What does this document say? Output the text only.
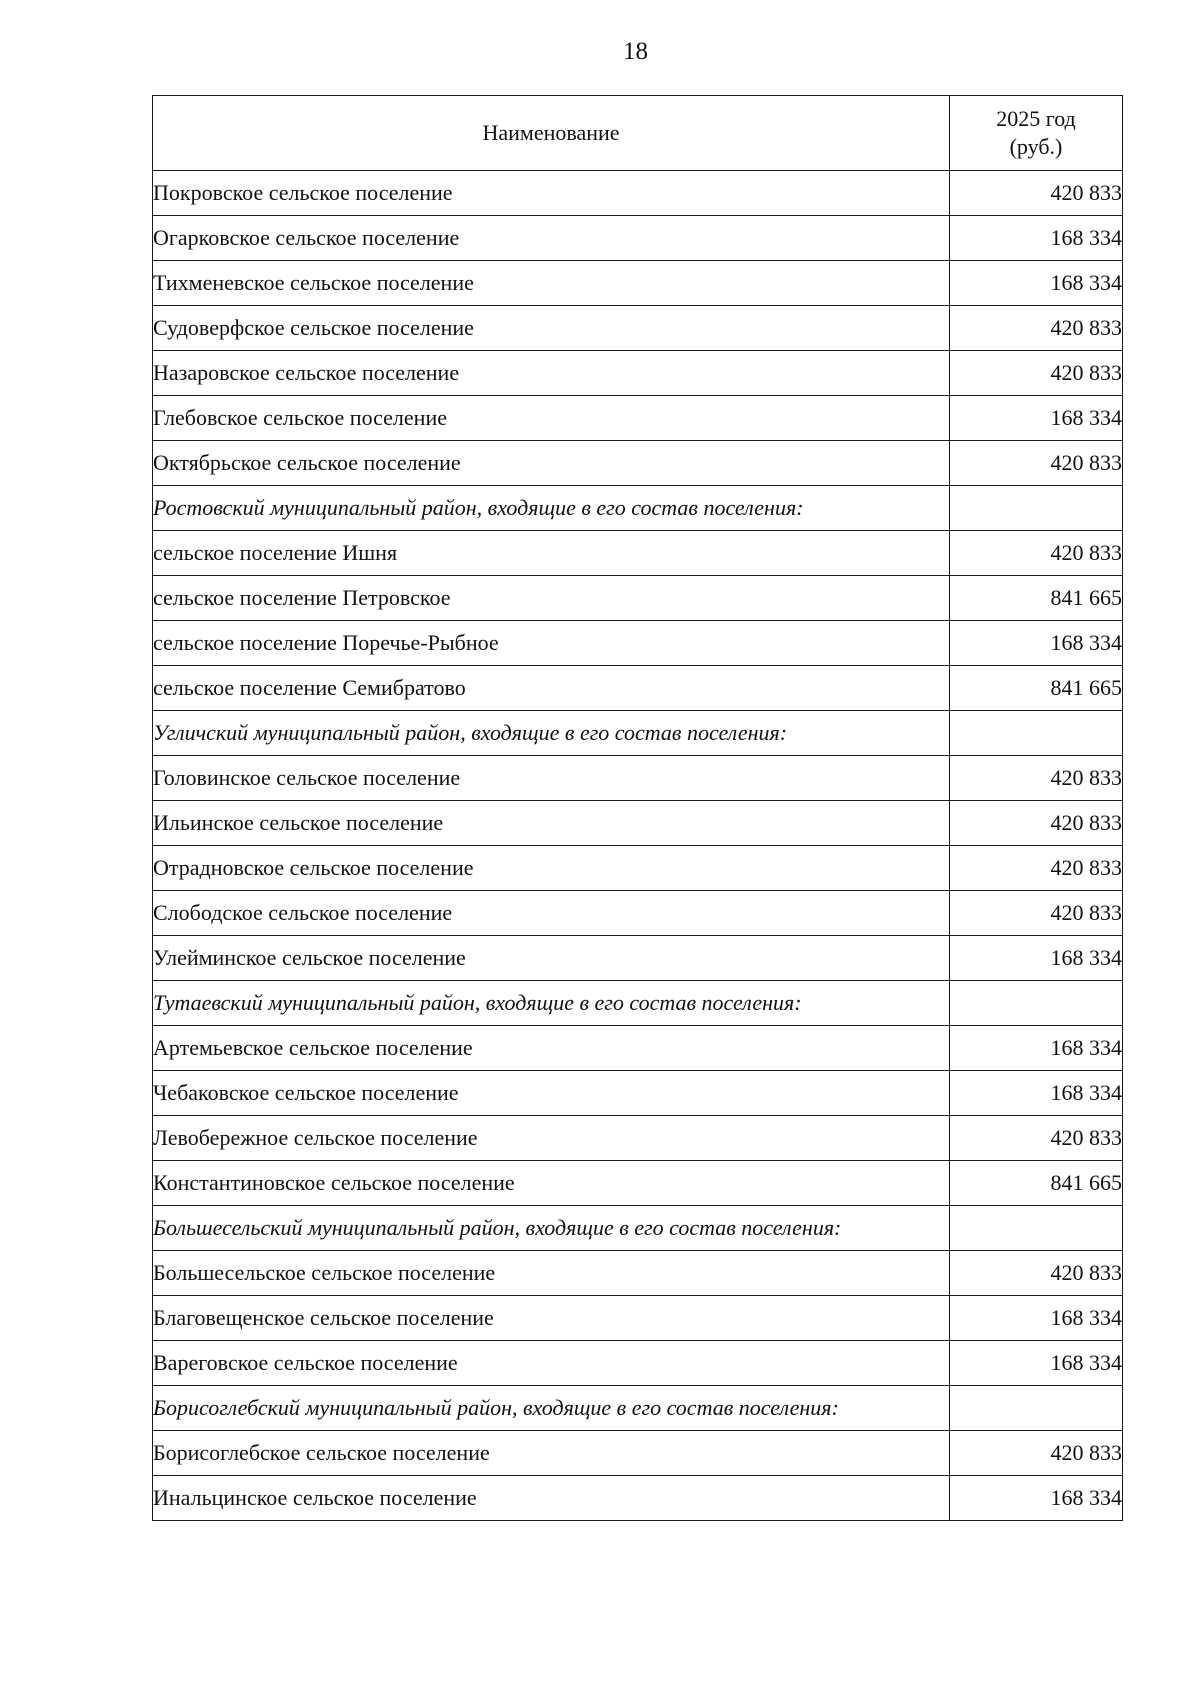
18
Наименование	2025 год
(руб.)
Покровское сельское поселение	420 833
Огарковское сельское поселение	168 334
Тихменевское сельское поселение	168 334
Судоверфское сельское поселение	420 833
Назаровское сельское поселение	420 833
Глебовское сельское поселение	168 334
Октябрьское сельское поселение	420 833
Ростовский муниципальный район, входящие в его состав поселения:	
сельское поселение Ишня	420 833
сельское поселение Петровское	841 665
сельское поселение Поречье-Рыбное	168 334
сельское поселение Семибратово	841 665
Угличский муниципальный район, входящие в его состав поселения:	
Головинское сельское поселение	420 833
Ильинское сельское поселение	420 833
Отрадновское сельское поселение	420 833
Слободское сельское поселение	420 833
Улейминское сельское поселение	168 334
Тутаевский муниципальный район, входящие в его состав поселения:	
Артемьевское сельское поселение	168 334
Чебаковское сельское поселение	168 334
Левобережное сельское поселение	420 833
Константиновское сельское поселение	841 665
Большесельский муниципальный район, входящие в его состав поселения:	
Большесельское сельское поселение	420 833
Благовещенское сельское поселение	168 334
Вареговское сельское поселение	168 334
Борисоглебский муниципальный район, входящие в его состав поселения:	
Борисоглебское сельское поселение	420 833
Инальцинское сельское поселение	168 334
